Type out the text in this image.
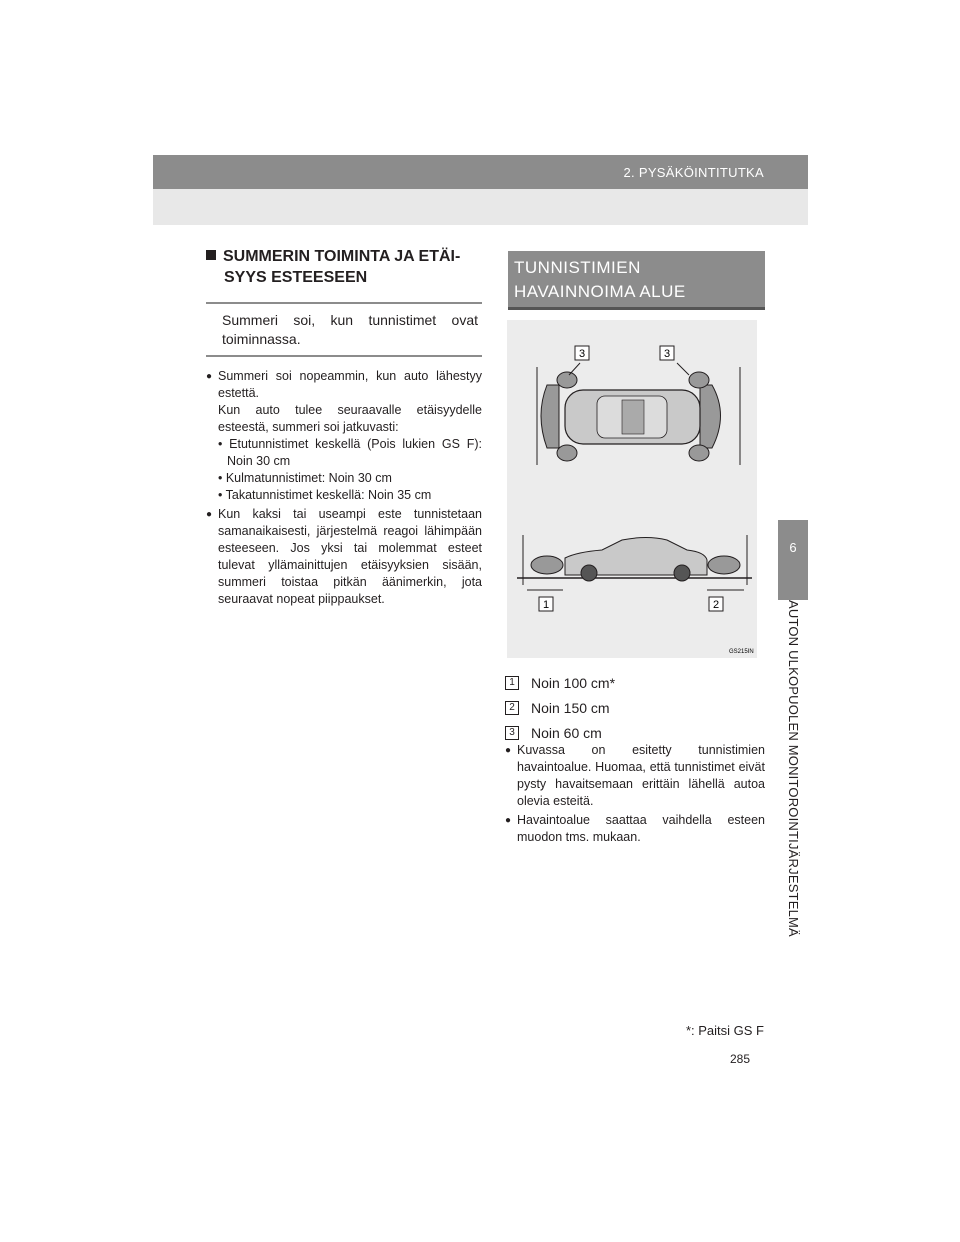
2. PYSÄKÖINTITUTKA
6
AUTON ULKOPUOLEN MONITOROINTIJÄRJESTELMÄ
SUMMERIN TOIMINTA JA ETÄI-
SYYS ESTEESEEN
Summeri soi, kun tunnistimet ovat toiminnassa.
● Summeri soi nopeammin, kun auto lähestyy estettä.
Kun auto tulee seuraavalle etäisyydelle esteestä, summeri soi jatkuvasti:
• Etutunnistimet keskellä (Pois lukien GS F): Noin 30 cm
• Kulmatunnistimet: Noin 30 cm
• Takatunnistimet keskellä: Noin 35 cm
● Kun kaksi tai useampi este tunnistetaan samanaikaisesti, järjestelmä reagoi lähimpään esteeseen. Jos yksi tai molemmat esteet tulevat yllämainittujen etäisyyksien sisään, summeri toistaa pitkän äänimerkin, jota seuraavat nopeat piippaukset.
TUNNISTIMIEN
HAVAINNOIMA ALUE
3	3
1	2
GS215IN
1	Noin 100 cm*
2	Noin 150 cm
3	Noin 60 cm
● Kuvassa on esitetty tunnistimien havaintoalue. Huomaa, että tunnistimet eivät pysty havaitsemaan erittäin lähellä autoa olevia esteitä.
● Havaintoalue saattaa vaihdella esteen muodon tms. mukaan.
*: Paitsi GS F
285
